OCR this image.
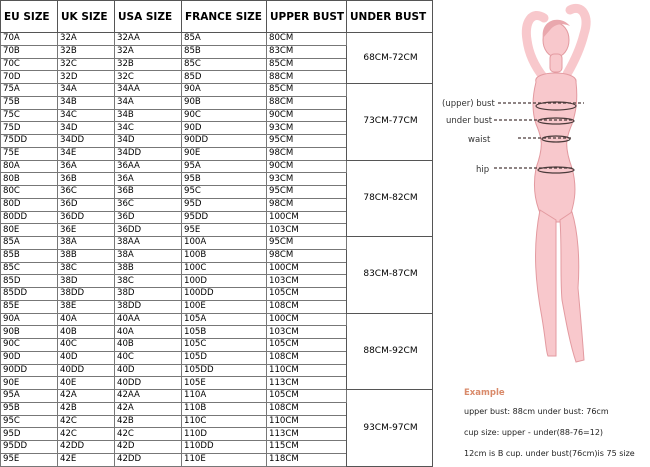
EU SIZE	UK SIZE	USA SIZE	FRANCE SIZE	UPPER BUST	UNDER BUST
70A	32A	32AA	85A	80CM	68CM-72CM
70B	32B	32A	85B	83CM	
70C	32C	32B	85C	85CM	
70D	32D	32C	85D	88CM	
75A	34A	34AA	90A	85CM	73CM-77CM
75B	34B	34A	90B	88CM	
75C	34C	34B	90C	90CM	
75D	34D	34C	90D	93CM	
75DD	34DD	34D	90DD	95CM	
75E	34E	34DD	90E	98CM	
80A	36A	36AA	95A	90CM	78CM-82CM
80B	36B	36A	95B	93CM	
80C	36C	36B	95C	95CM	
80D	36D	36C	95D	98CM	
80DD	36DD	36D	95DD	100CM	
80E	36E	36DD	95E	103CM	
85A	38A	38AA	100A	95CM	83CM-87CM
85B	38B	38A	100B	98CM	
85C	38C	38B	100C	100CM	
85D	38D	38C	100D	103CM	
85DD	38DD	38D	100DD	105CM	
85E	38E	38DD	100E	108CM	
90A	40A	40AA	105A	100CM	88CM-92CM
90B	40B	40A	105B	103CM	
90C	40C	40B	105C	105CM	
90D	40D	40C	105D	108CM	
90DD	40DD	40D	105DD	110CM	
90E	40E	40DD	105E	113CM	
95A	42A	42AA	110A	105CM	93CM-97CM
95B	42B	42A	110B	108CM	
95C	42C	42B	110C	110CM	
95D	42C	42C	110D	113CM	
95DD	42DD	42D	110DD	115CM	
95E	42E	42DD	110E	118CM	
(upper) bust
under bust
waist
hip
Example
upper bust: 88cm under bust: 76cm
cup size: upper - under(88-76=12)
12cm is B cup. under bust(76cm)is 75 size
